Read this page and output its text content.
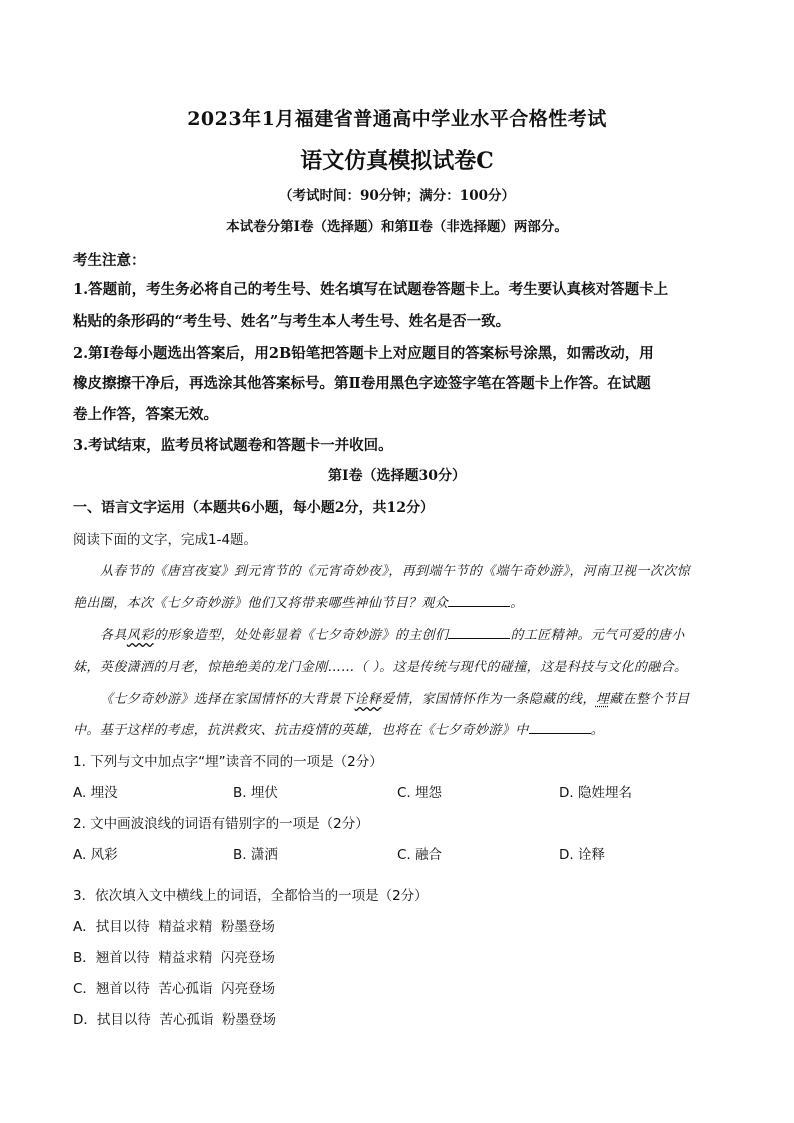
2023年1月福建省普通高中学业水平合格性考试
语文仿真模拟试卷C
（考试时间：90分钟；满分：100分）
本试卷分第Ⅰ卷（选择题）和第Ⅱ卷（非选择题）两部分。
考生注意：
1.答题前，考生务必将自己的考生号、姓名填写在试题卷答题卡上。考生要认真核对答题卡上
粘贴的条形码的“考生号、姓名”与考生本人考生号、姓名是否一致。
2.第Ⅰ卷每小题选出答案后，用2B铅笔把答题卡上对应题目的答案标号涂黑，如需改动，用
橡皮擦擦干净后，再选涂其他答案标号。第Ⅱ卷用黑色字迹签字笔在答题卡上作答。在试题
卷上作答，答案无效。
3.考试结束，监考员将试题卷和答题卡一并收回。
第Ⅰ卷（选择题30分）
一、语言文字运用（本题共6小题，每小题2分，共12分）
阅读下面的文字，完成1-4题。
从春节的《唐宫夜宴》到元宵节的《元宵奇妙夜》，再到端午节的《端午奇妙游》，河南卫视一次次惊
艳出圈，本次《七夕奇妙游》他们又将带来哪些神仙节目？观众	。
各具风彩的形象造型，处处彰显着《七夕奇妙游》的主创们	的工匠精神。元气可爱的唐小
妹，英俊潇洒的月老，惊艳绝美的龙门金刚……（ ）。这是传统与现代的碰撞，这是科技与文化的融合。
《七夕奇妙游》选择在家国情怀的大背景下诠释爱情，家国情怀作为一条隐藏的线，埋藏在整个节目
中。基于这样的考虑，抗洪救灾、抗击疫情的英雄，也将在《七夕奇妙游》中	。
1. 下列与文中加点字“埋”读音不同的一项是（2分）
A. 埋没	B. 埋伏	C. 埋怨	D. 隐姓埋名
2. 文中画波浪线的词语有错别字的一项是（2分）
A. 风彩	B. 潇洒	C. 融合	D. 诠释
3．依次填入文中横线上的词语，全都恰当的一项是（2分）
A．拭目以待  精益求精  粉墨登场
B．翘首以待  精益求精  闪亮登场
C．翘首以待  苦心孤诣  闪亮登场
D．拭目以待  苦心孤诣  粉墨登场
